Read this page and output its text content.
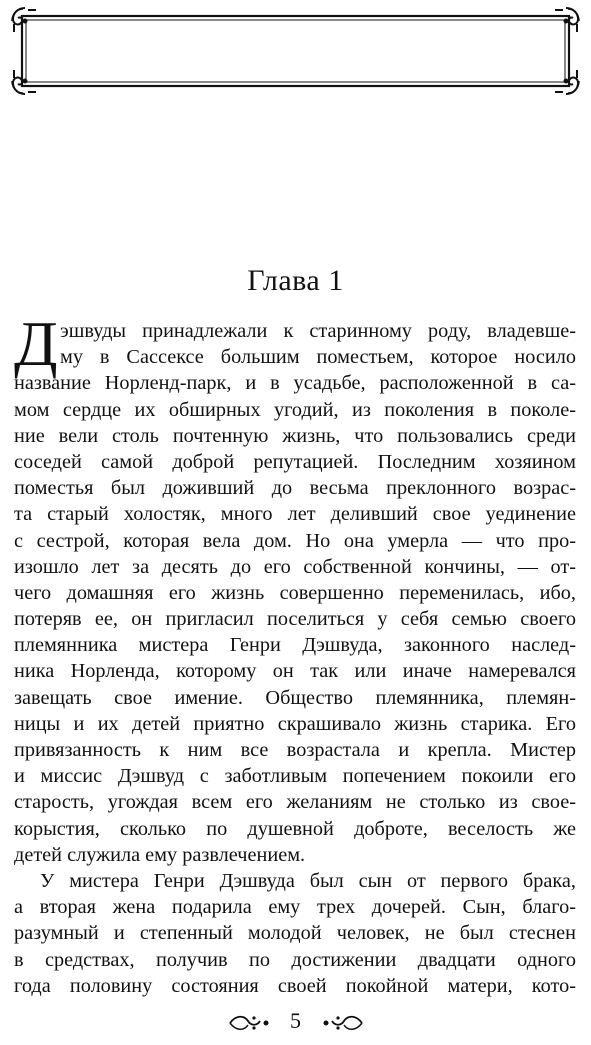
Глава 1
Д эшвуды принадлежали к старинному роду, владевше-
му в Сассексе большим поместьем, которое носило
название Норленд-парк, и в усадьбе, расположенной в са-
мом сердце их обширных угодий, из поколения в поколе-
ние вели столь почтенную жизнь, что пользовались среди
соседей самой доброй репутацией. Последним хозяином
поместья был доживший до весьма преклонного возрас-
та старый холостяк, много лет деливший свое уединение
с сестрой, которая вела дом. Но она умерла — что про-
изошло лет за десять до его собственной кончины, — от-
чего домашняя его жизнь совершенно переменилась, ибо,
потеряв ее, он пригласил поселиться у себя семью своего
племянника мистера Генри Дэшвуда, законного наслед-
ника Норленда, которому он так или иначе намеревался
завещать свое имение. Общество племянника, племян-
ницы и их детей приятно скрашивало жизнь старика. Его
привязанность к ним все возрастала и крепла. Мистер
и миссис Дэшвуд с заботливым попечением покоили его
старость, угождая всем его желаниям не столько из свое-
корыстия, сколько по душевной доброте, веселость же
детей служила ему развлечением.
У мистера Генри Дэшвуда был сын от первого брака,
а вторая жена подарила ему трех дочерей. Сын, благо-
разумный и степенный молодой человек, не был стеснен
в средствах, получив по достижении двадцати одного
года половину состояния своей покойной матери, кото-
5
